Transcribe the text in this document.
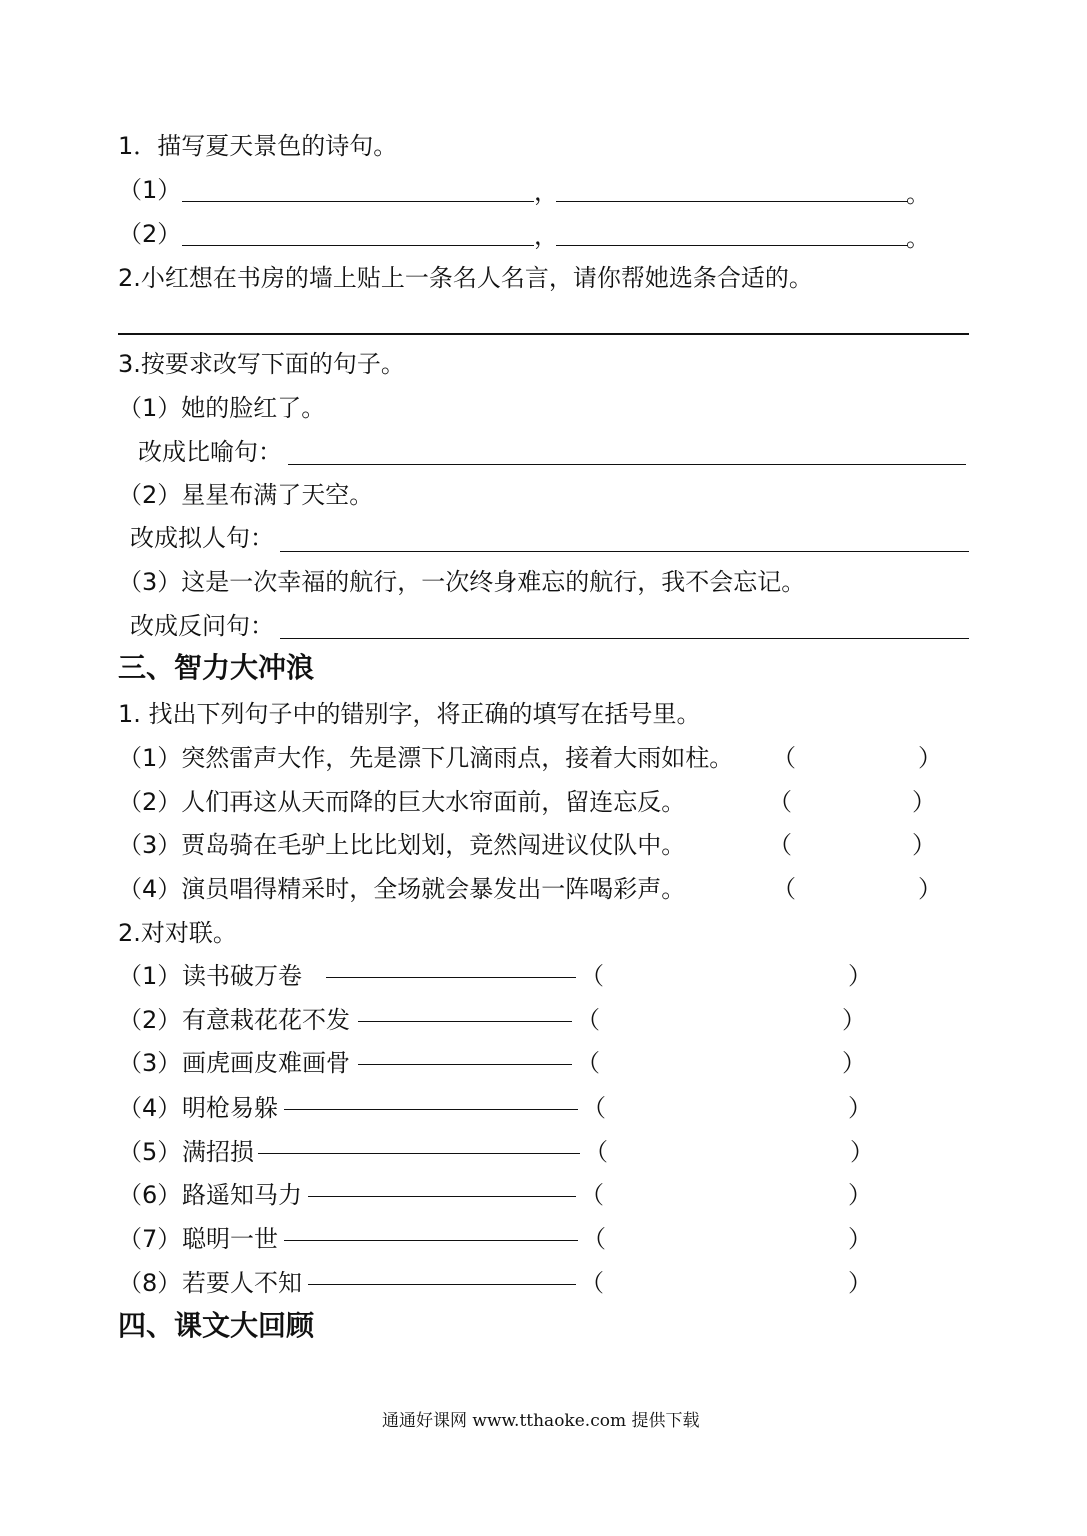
1．描写夏天景色的诗句。
（1）	，	。
（2）	，	。
2.小红想在书房的墙上贴上一条名人名言，请你帮她选条合适的。
3.按要求改写下面的句子。
（1）她的脸红了。
改成比喻句：
（2）星星布满了天空。
改成拟人句：
（3）这是一次幸福的航行，一次终身难忘的航行，我不会忘记。
改成反问句：
三、智力大冲浪
1. 找出下列句子中的错别字，将正确的填写在括号里。
（1）突然雷声大作，先是漂下几滴雨点，接着大雨如柱。 （	）
（2）人们再这从天而降的巨大水帘面前，留连忘反。	（	）
（3）贾岛骑在毛驴上比比划划，竞然闯进议仗队中。	（	）
（4）演员唱得精采时，全场就会暴发出一阵喝彩声。	（	）
2.对对联。
（1） 读书破万卷	（	）
（2） 有意栽花花不发	（	）
（3） 画虎画皮难画骨	（	）
（4） 明枪易躲	（	）
（5） 满招损	（	）
（6） 路遥知马力	（	）
（7） 聪明一世	（	）
（8） 若要人不知	（	）
四、课文大回顾
通通好课网 www.tthaoke.com 提供下载
